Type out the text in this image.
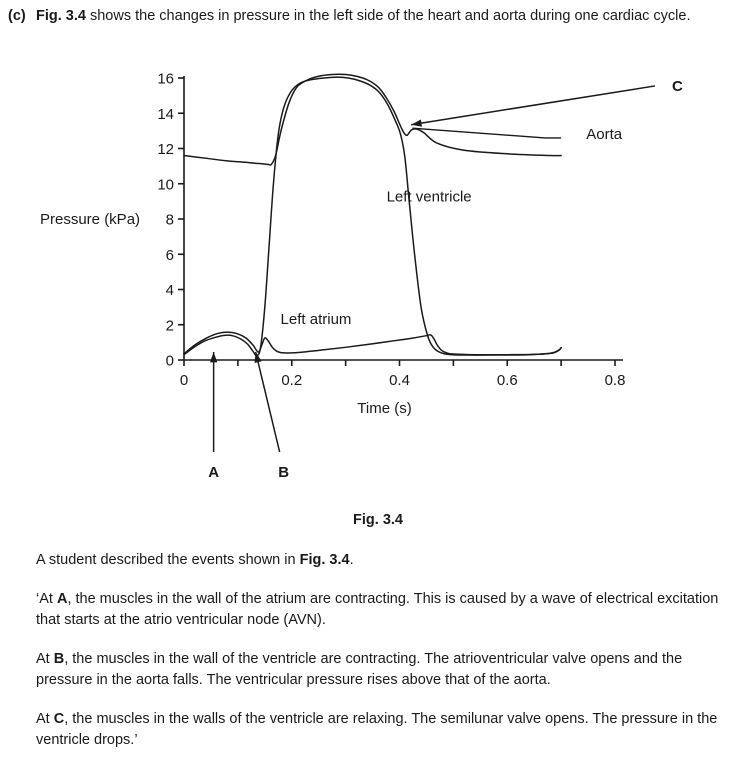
(c) Fig. 3.4 shows the changes in pressure in the left side of the heart and aorta during one cardiac cycle.
0
2
4
6
8
10
12
14
16
0	0.2	0.4	0.6	0.8
Pressure (kPa)
Time (s)
Aorta
Left ventricle
Left atrium
A	B
C
Fig. 3.4

A student described the events shown in Fig. 3.4.

‘At A, the muscles in the wall of the atrium are contracting. This is caused by a wave of electrical excitation that starts at the atrio ventricular node (AVN).

At B, the muscles in the wall of the ventricle are contracting. The atrioventricular valve opens and the pressure in the aorta falls. The ventricular pressure rises above that of the aorta.

At C, the muscles in the walls of the ventricle are relaxing. The semilunar valve opens. The pressure in the ventricle drops.’
